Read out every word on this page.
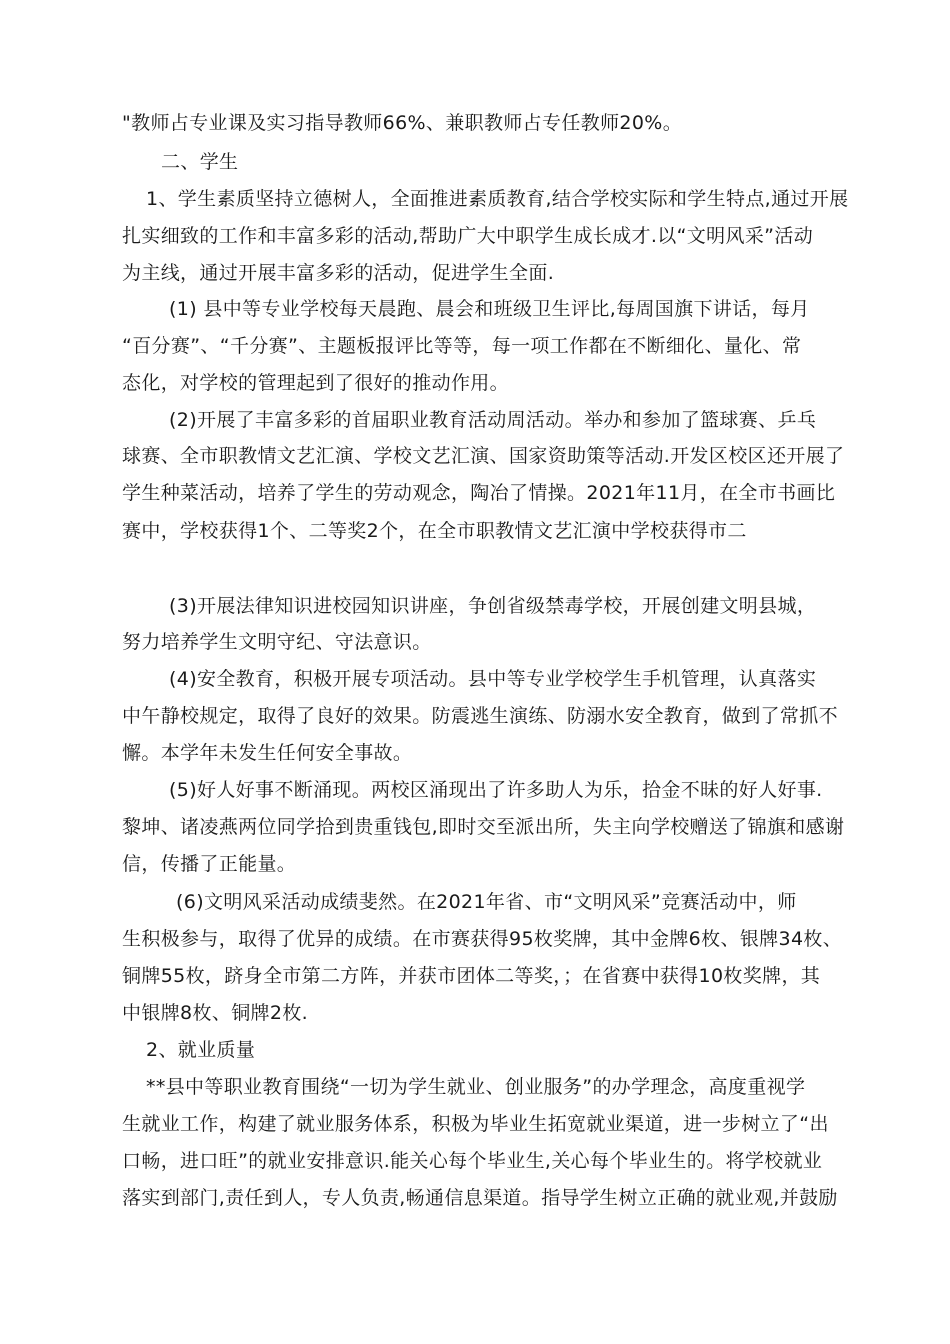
"教师占专业课及实习指导教师66%、兼职教师占专任教师20%。
二、学生
1、学生素质坚持立德树人，全面推进素质教育,结合学校实际和学生特点,通过开展
扎实细致的工作和丰富多彩的活动,帮助广大中职学生成长成才.以“文明风采”活动
为主线，通过开展丰富多彩的活动，促进学生全面.
(1) 县中等专业学校每天晨跑、晨会和班级卫生评比,每周国旗下讲话，每月
“百分赛”、“千分赛”、主题板报评比等等，每一项工作都在不断细化、量化、常
态化，对学校的管理起到了很好的推动作用。
(2)开展了丰富多彩的首届职业教育活动周活动。举办和参加了篮球赛、乒乓
球赛、全市职教情文艺汇演、学校文艺汇演、国家资助策等活动.开发区校区还开展了
学生种菜活动，培养了学生的劳动观念，陶冶了情操。2021年11月，在全市书画比
赛中，学校获得1个、二等奖2个，在全市职教情文艺汇演中学校获得市二
(3)开展法律知识进校园知识讲座，争创省级禁毒学校，开展创建文明县城，
努力培养学生文明守纪、守法意识。
(4)安全教育，积极开展专项活动。县中等专业学校学生手机管理，认真落实
中午静校规定，取得了良好的效果。防震逃生演练、防溺水安全教育，做到了常抓不
懈。本学年未发生任何安全事故。
(5)好人好事不断涌现。两校区涌现出了许多助人为乐，拾金不昧的好人好事.
黎坤、诸凌燕两位同学拾到贵重钱包,即时交至派出所，失主向学校赠送了锦旗和感谢
信，传播了正能量。
(6)文明风采活动成绩斐然。在2021年省、市“文明风采”竞赛活动中，师
生积极参与，取得了优异的成绩。在市赛获得95枚奖牌，其中金牌6枚、银牌34枚、
铜牌55枚，跻身全市第二方阵，并获市团体二等奖，；在省赛中获得10枚奖牌，其
中银牌8枚、铜牌2枚.
2、就业质量
**县中等职业教育围绕“一切为学生就业、创业服务”的办学理念，高度重视学
生就业工作，构建了就业服务体系，积极为毕业生拓宽就业渠道，进一步树立了“出
口畅，进口旺”的就业安排意识.能关心每个毕业生,关心每个毕业生的。将学校就业
落实到部门,责任到人，专人负责,畅通信息渠道。指导学生树立正确的就业观,并鼓励
